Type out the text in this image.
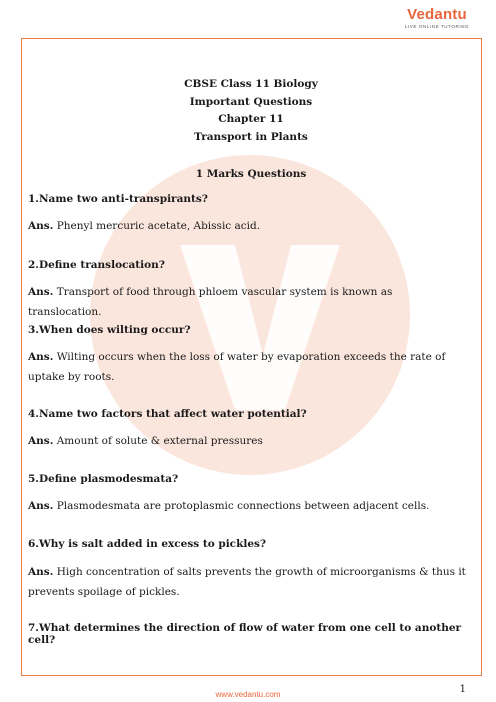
Vedantu
LIVE ONLINE TUTORING
CBSE Class 11 Biology
Important Questions
Chapter 11
Transport in Plants
1 Marks Questions
1.Name two anti-transpirants?
Ans. Phenyl mercuric acetate, Abissic acid.
2.Define translocation?
Ans. Transport of food through phloem vascular system is known as translocation.
3.When does wilting occur?
Ans. Wilting occurs when the loss of water by evaporation exceeds the rate of uptake by roots.
4.Name two factors that affect water potential?
Ans. Amount of solute & external pressures
5.Define plasmodesmata?
Ans. Plasmodesmata are protoplasmic connections between adjacent cells.
6.Why is salt added in excess to pickles?
Ans. High concentration of salts prevents the growth of microorganisms & thus it prevents spoilage of pickles.
7.What determines the direction of flow of water from one cell to another cell?
1
www.vedantu.com
